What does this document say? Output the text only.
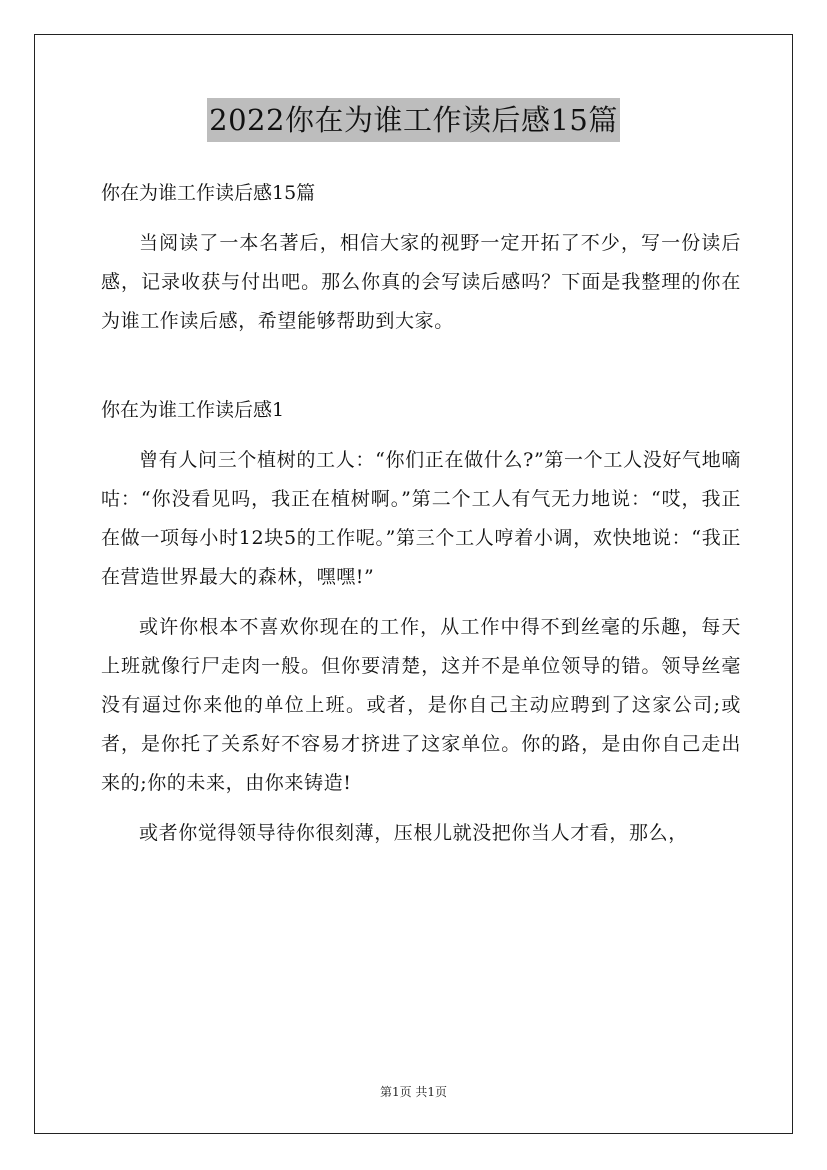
2022你在为谁工作读后感15篇

你在为谁工作读后感15篇

当阅读了一本名著后，相信大家的视野一定开拓了不少，写一份读后感，记录收获与付出吧。那么你真的会写读后感吗？下面是我整理的你在为谁工作读后感，希望能够帮助到大家。

你在为谁工作读后感1

曾有人问三个植树的工人：“你们正在做什么?”第一个工人没好气地嘀咕：“你没看见吗，我正在植树啊。”第二个工人有气无力地说：“哎，我正在做一项每小时12块5的工作呢。”第三个工人哼着小调，欢快地说：“我正在营造世界最大的森林，嘿嘿!”

或许你根本不喜欢你现在的工作，从工作中得不到丝毫的乐趣，每天上班就像行尸走肉一般。但你要清楚，这并不是单位领导的错。领导丝毫没有逼过你来他的单位上班。或者，是你自己主动应聘到了这家公司;或者，是你托了关系好不容易才挤进了这家单位。你的路，是由你自己走出来的;你的未来，由你来铸造!

或者你觉得领导待你很刻薄，压根儿就没把你当人才看，那么，

第1页 共1页
